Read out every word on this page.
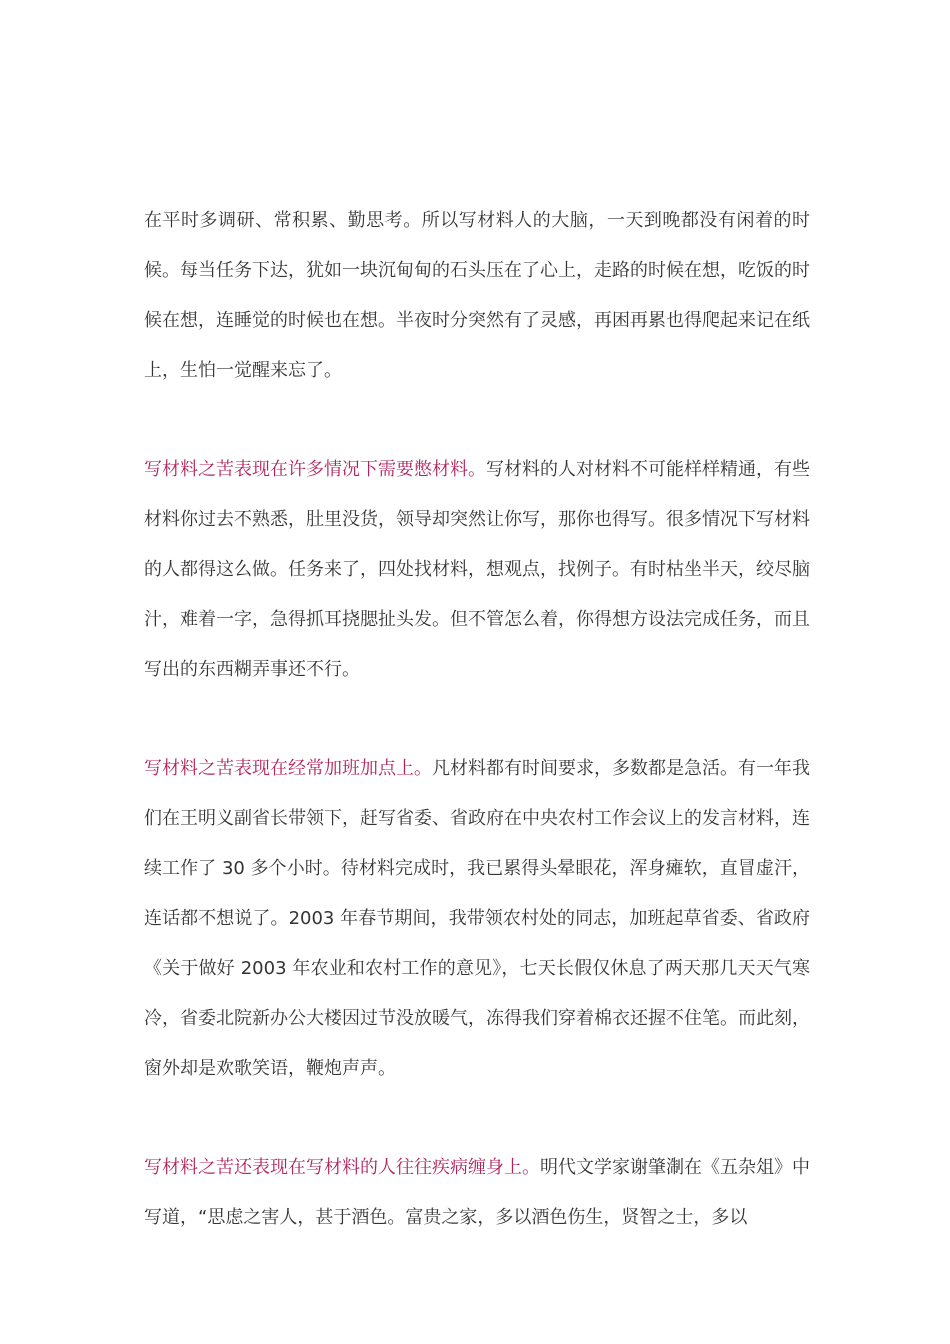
在平时多调研、常积累、勤思考。所以写材料人的大脑，一天到晚都没有闲着的时候。每当任务下达，犹如一块沉甸甸的石头压在了心上，走路的时候在想，吃饭的时候在想，连睡觉的时候也在想。半夜时分突然有了灵感，再困再累也得爬起来记在纸上，生怕一觉醒来忘了。

写材料之苦表现在许多情况下需要憋材料。写材料的人对材料不可能样样精通，有些材料你过去不熟悉，肚里没货，领导却突然让你写，那你也得写。很多情况下写材料的人都得这么做。任务来了，四处找材料，想观点，找例子。有时枯坐半天，绞尽脑汁，难着一字，急得抓耳挠腮扯头发。但不管怎么着，你得想方设法完成任务，而且写出的东西糊弄事还不行。

写材料之苦表现在经常加班加点上。凡材料都有时间要求，多数都是急活。有一年我们在王明义副省长带领下，赶写省委、省政府在中央农村工作会议上的发言材料，连续工作了 30 多个小时。待材料完成时，我已累得头晕眼花，浑身瘫软，直冒虚汗，连话都不想说了。2003 年春节期间，我带领农村处的同志，加班起草省委、省政府《关于做好 2003 年农业和农村工作的意见》，七天长假仅休息了两天那几天天气寒冷，省委北院新办公大楼因过节没放暖气，冻得我们穿着棉衣还握不住笔。而此刻，窗外却是欢歌笑语，鞭炮声声。

写材料之苦还表现在写材料的人往往疾病缠身上。明代文学家谢肇淛在《五杂俎》中写道，“思虑之害人，甚于酒色。富贵之家，多以酒色伤生，贤智之士，多以
